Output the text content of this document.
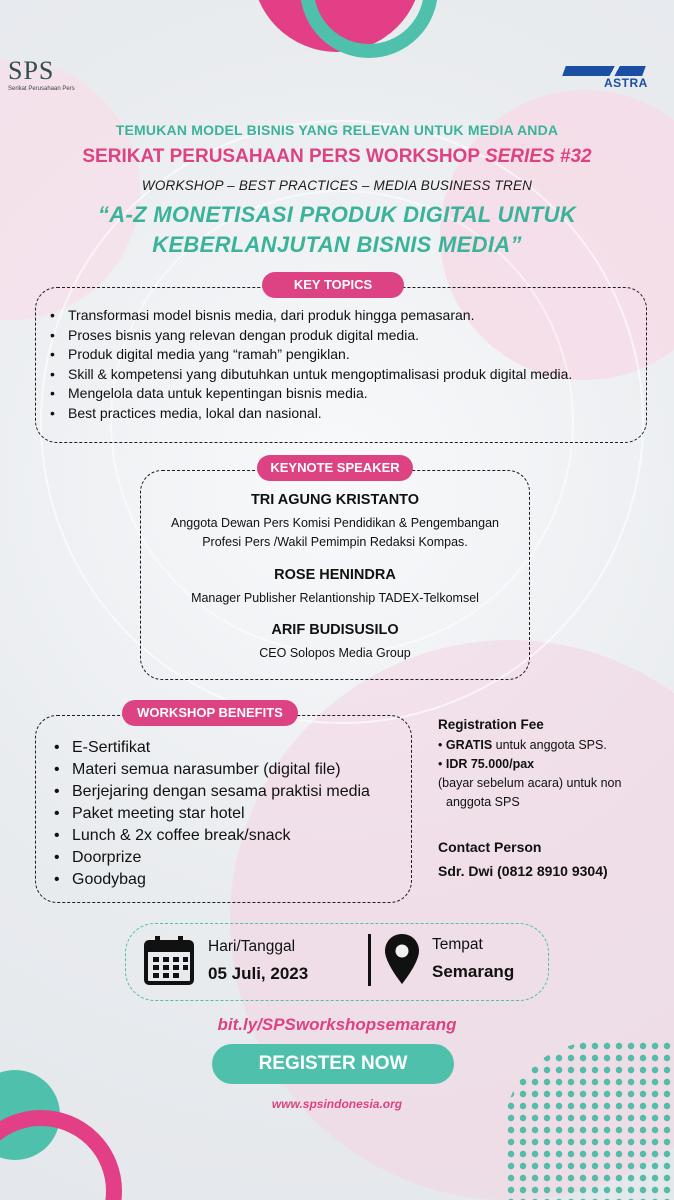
SPS
Serikat Perusahaan Pers	ASTRA
TEMUKAN MODEL BISNIS YANG RELEVAN UNTUK MEDIA ANDA
SERIKAT PERUSAHAAN PERS WORKSHOP SERIES #32
WORKSHOP – BEST PRACTICES – MEDIA BUSINESS TREN
“A-Z MONETISASI PRODUK DIGITAL UNTUK
KEBERLANJUTAN BISNIS MEDIA”
KEY TOPICS
• Transformasi model bisnis media, dari produk hingga pemasaran.
• Proses bisnis yang relevan dengan produk digital media.
• Produk digital media yang “ramah” pengiklan.
• Skill & kompetensi yang dibutuhkan untuk mengoptimalisasi produk digital media.
• Mengelola data untuk kepentingan bisnis media.
• Best practices media, lokal dan nasional.
KEYNOTE SPEAKER
TRI AGUNG KRISTANTO
Anggota Dewan Pers Komisi Pendidikan & Pengembangan
Profesi Pers /Wakil Pemimpin Redaksi Kompas.
ROSE HENINDRA
Manager Publisher Relantionship TADEX-Telkomsel
ARIF BUDISUSILO
CEO Solopos Media Group
WORKSHOP BENEFITS
• E-Sertifikat
• Materi semua narasumber (digital file)
• Berjejaring dengan sesama praktisi media
• Paket meeting star hotel
• Lunch & 2x coffee break/snack
• Doorprize
• Goodybag
Registration Fee
• GRATIS untuk anggota SPS.
• IDR 75.000/pax
(bayar sebelum acara) untuk non
anggota SPS
Contact Person
Sdr. Dwi (0812 8910 9304)
Hari/Tanggal
05 Juli, 2023
Tempat
Semarang
bit.ly/SPSworkshopsemarang
REGISTER NOW
www.spsindonesia.org
